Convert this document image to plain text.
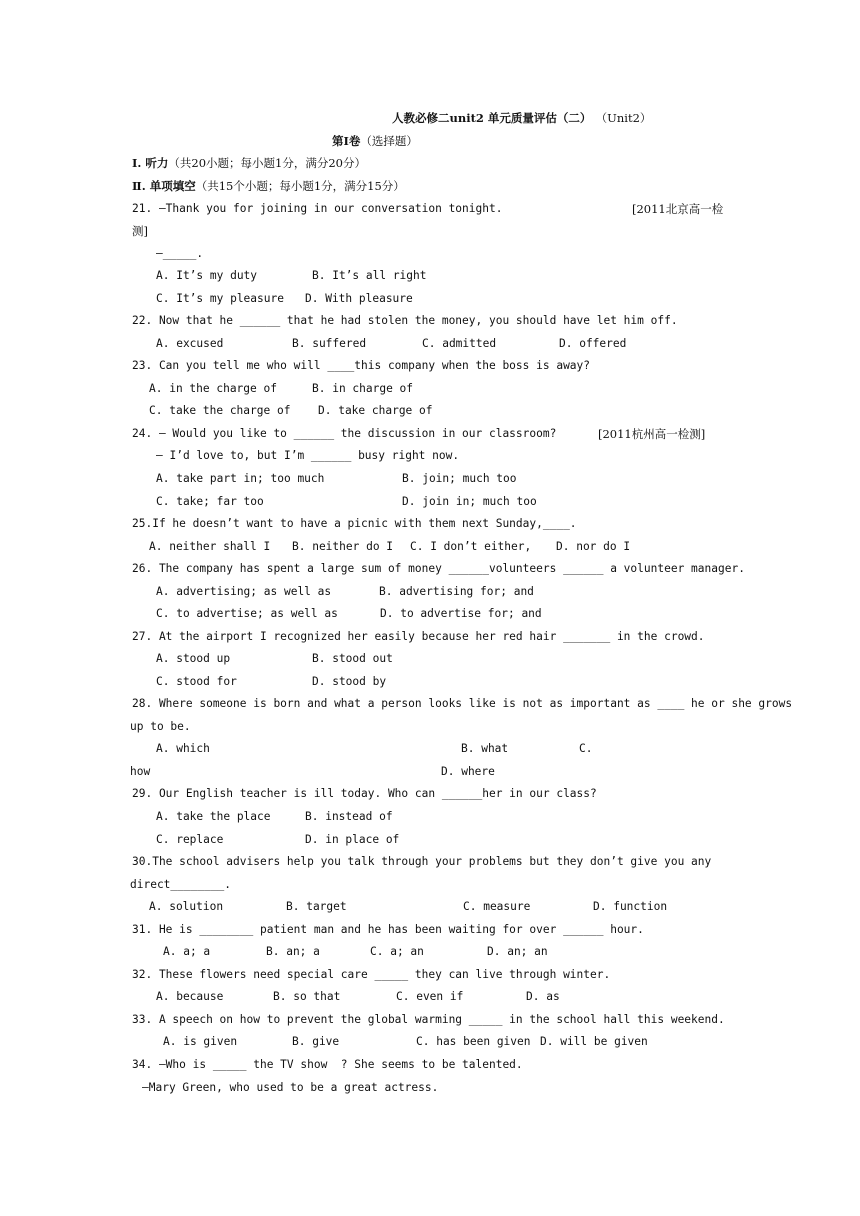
人教必修二unit2 单元质量评估（二） （Unit2）
第Ⅰ卷（选择题）
Ⅰ. 听力（共20小题；每小题1分，满分20分）
Ⅱ. 单项填空（共15个小题；每小题1分，满分15分）
21. —Thank you for joining in our conversation tonight.	[2011北京高一检
测]
—_____.
A. It’s my duty	B. It’s all right
C. It’s my pleasure D. With pleasure
22. Now that he ______ that he had stolen the money, you should have let him off.
A. excused	B. suffered	C. admitted	D. offered
23. Can you tell me who will ____this company when the boss is away?
A. in the charge of	B. in charge of
C. take the charge of D. take charge of
24. — Would you like to ______ the discussion in our classroom?	[2011杭州高一检测]
— I’d love to, but I’m ______ busy right now.
A. take part in; too much	B. join; much too
C. take; far too	D. join in; much too
25.If he doesn’t want to have a picnic with them next Sunday,____.
A. neither shall I B. neither do I C. I don’t either, D. nor do I
26. The company has spent a large sum of money ______volunteers ______ a volunteer manager.
A. advertising; as well as	B. advertising for; and
C. to advertise; as well as	D. to advertise for; and
27. At the airport I recognized her easily because her red hair _______ in the crowd.
A. stood up	B. stood out
C. stood for	D. stood by
28. Where someone is born and what a person looks like is not as important as ____ he or she grows
up to be.
A. which	B. what	C.
how	D. where
29. Our English teacher is ill today. Who can ______her in our class?
A. take the place	B. instead of
C. replace	D. in place of
30.The school advisers help you talk through your problems but they don’t give you any
direct________.
A. solution	B. target	C. measure	D. function
31. He is ________ patient man and he has been waiting for over ______ hour.
A. a; a	B. an; a	C. a; an	D. an; an
32. These flowers need special care _____ they can live through winter.
A. because	B. so that	C. even if	D. as
33. A speech on how to prevent the global warming _____ in the school hall this weekend.
A. is given	B. give	C. has been given D. will be given
34. —Who is _____ the TV show  ? She seems to be talented.
—Mary Green, who used to be a great actress.
